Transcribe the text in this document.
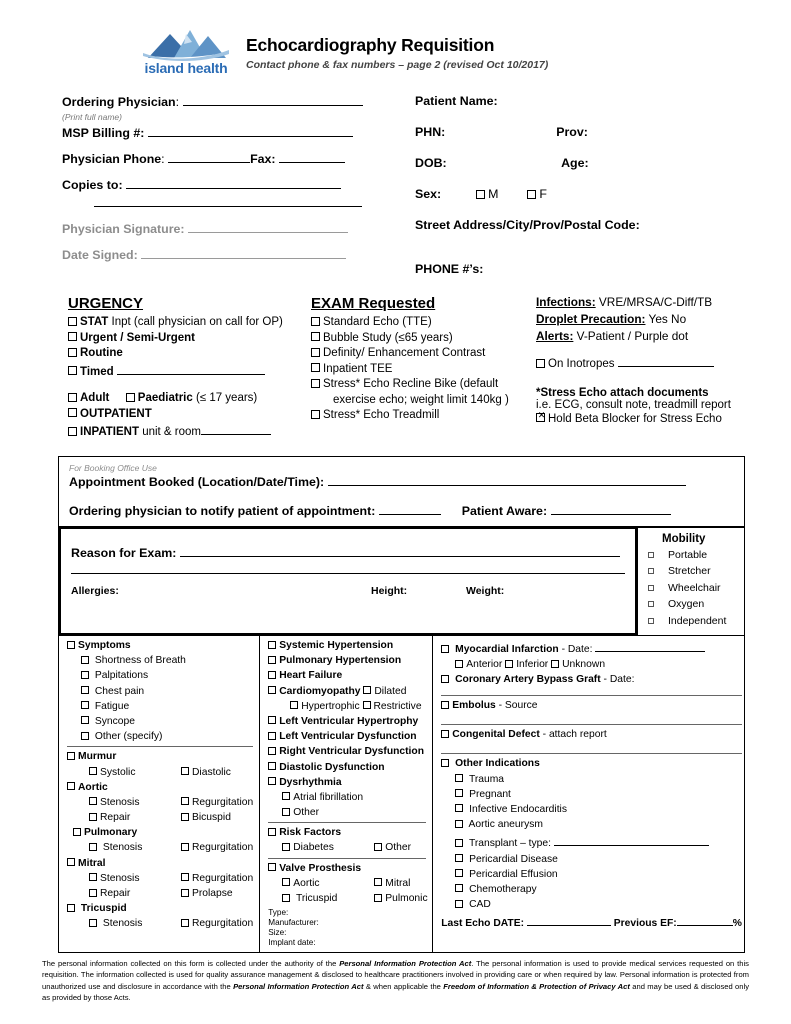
island health
Echocardiography Requisition
Contact phone & fax numbers – page 2 (revised Oct 10/2017)
Ordering Physician:
(Print full name)
MSP Billing #:
Physician Phone:	Fax:
Copies to:
Physician Signature:
Date Signed:
Patient Name:
PHN:	Prov:
DOB:	Age:
Sex:	M	F
Street Address/City/Prov/Postal Code:
PHONE #’s:
URGENCY
STAT Inpt (call physician on call for OP)
Urgent / Semi-Urgent
Routine
Timed
Adult Paediatric (≤ 17 years)
OUTPATIENT
INPATIENT unit & room
EXAM Requested
Standard Echo (TTE)
Bubble Study (≤65 years)
Definity/ Enhancement Contrast
Inpatient TEE
Stress* Echo Recline Bike (default
exercise echo; weight limit 140kg )
Stress* Echo Treadmill
Infections: VRE/MRSA/C-Diff/TB
Droplet Precaution: Yes No
Alerts: V-Patient / Purple dot
On Inotropes
*Stress Echo attach documents
i.e. ECG, consult note, treadmill report
✕Hold Beta Blocker for Stress Echo
For Booking Office Use
Appointment Booked (Location/Date/Time):
Ordering physician to notify patient of appointment:	Patient Aware:
Reason for Exam:
Allergies:	Height:	Weight:
Mobility
Portable
Stretcher
Wheelchair
Oxygen
Independent
Symptoms
Shortness of Breath
Palpitations
Chest pain
Fatigue
Syncope
Other (specify)
Murmur
Systolic	Diastolic
Aortic
Stenosis	Regurgitation
Repair	Bicuspid
Pulmonary
Stenosis	Regurgitation
Mitral
Stenosis	Regurgitation
Repair	Prolapse
Tricuspid
Stenosis	Regurgitation
Systemic Hypertension
Pulmonary Hypertension
Heart Failure
Cardiomyopathy Dilated
Hypertrophic Restrictive
Left Ventricular Hypertrophy
Left Ventricular Dysfunction
Right Ventricular Dysfunction
Diastolic Dysfunction
Dysrhythmia
Atrial fibrillation
Other
Risk Factors
Diabetes	Other
Valve Prosthesis
Aortic	Mitral
Tricuspid	Pulmonic
Type:
Manufacturer:
Size:
Implant date:
Myocardial Infarction - Date:
Anterior Inferior Unknown
Coronary Artery Bypass Graft - Date:
Embolus - Source
Congenital Defect - attach report
Other Indications
Trauma
Pregnant
Infective Endocarditis
Aortic aneurysm
Transplant – type:
Pericardial Disease
Pericardial Effusion
Chemotherapy
CAD
Last Echo DATE:	Previous EF:	%
The personal information collected on this form is collected under the authority of the Personal Information Protection Act. The personal information is used to provide medical services requested on this requisition. The information collected is used for quality assurance management & disclosed to healthcare practitioners involved in providing care or when required by law. Personal information is protected from unauthorized use and disclosure in accordance with the Personal Information Protection Act & when applicable the Freedom of Information & Protection of Privacy Act and may be used & disclosed only as provided by those Acts.
